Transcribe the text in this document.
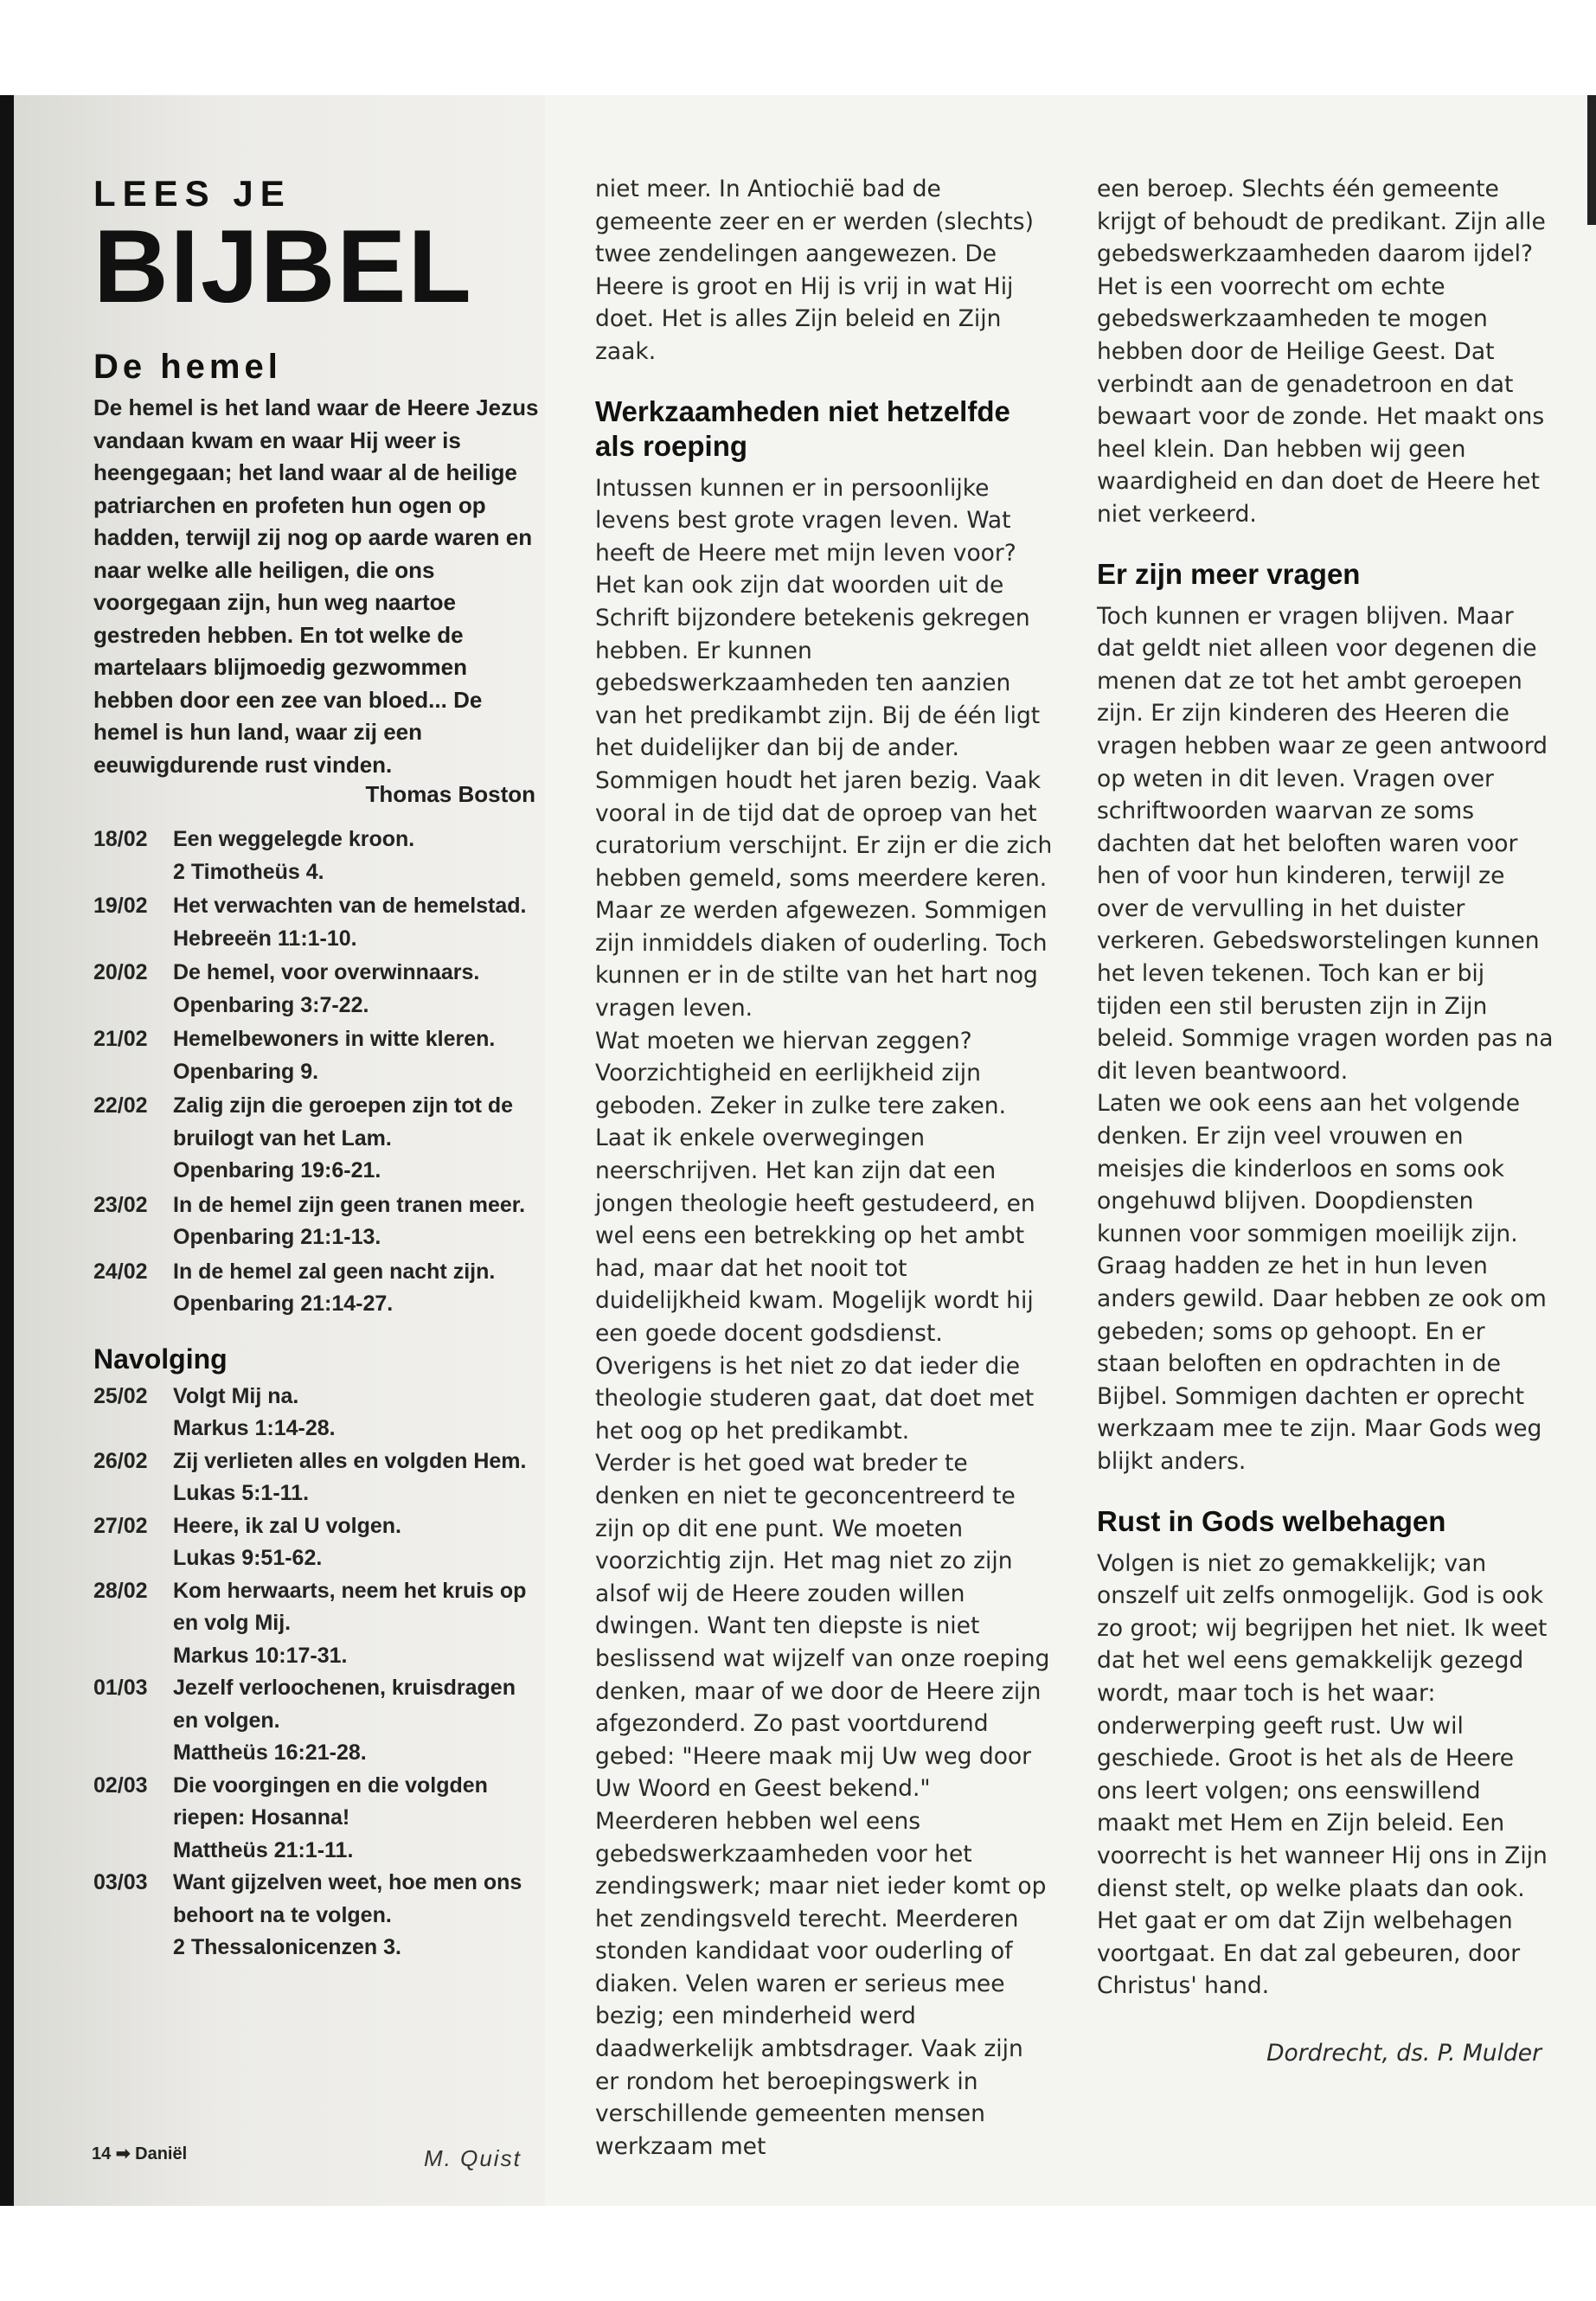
LEES JE

BIJBEL

De hemel

De hemel is het land waar de Heere Jezus vandaan kwam en waar Hij weer is heengegaan; het land waar al de heilige patriarchen en profeten hun ogen op hadden, terwijl zij nog op aarde waren en naar welke alle heiligen, die ons voorgegaan zijn, hun weg naartoe gestreden hebben. En tot welke de martelaars blijmoedig gezwommen hebben door een zee van bloed... De hemel is hun land, waar zij een eeuwigdurende rust vinden.

Thomas Boston

18/02	Een weggelegde kroon.
2 Timotheüs 4.
19/02	Het verwachten van de hemelstad.
Hebreeën 11:1-10.
20/02	De hemel, voor overwinnaars.
Openbaring 3:7-22.
21/02	Hemelbewoners in witte kleren.
Openbaring 9.
22/02	Zalig zijn die geroepen zijn tot de bruilogt van het Lam.
Openbaring 19:6-21.
23/02	In de hemel zijn geen tranen meer.
Openbaring 21:1-13.
24/02	In de hemel zal geen nacht zijn.
Openbaring 21:14-27.

Navolging

25/02	Volgt Mij na.
Markus 1:14-28.
26/02	Zij verlieten alles en volgden Hem.
Lukas 5:1-11.
27/02	Heere, ik zal U volgen.
Lukas 9:51-62.
28/02	Kom herwaarts, neem het kruis op en volg Mij.
Markus 10:17-31.
01/03	Jezelf verloochenen, kruisdragen en volgen.
Mattheüs 16:21-28.
02/03	Die voorgingen en die volgden riepen: Hosanna!
Mattheüs 21:1-11.
03/03	Want gijzelven weet, hoe men ons behoort na te volgen.
2 Thessalonicenzen 3.
M. Quist
14 ➡ Daniël

niet meer. In Antiochië bad de gemeente zeer en er werden (slechts) twee zendelingen aangewezen. De Heere is groot en Hij is vrij in wat Hij doet. Het is alles Zijn beleid en Zijn zaak.

Werkzaamheden niet hetzelfde als roeping

Intussen kunnen er in persoonlijke levens best grote vragen leven. Wat heeft de Heere met mijn leven voor? Het kan ook zijn dat woorden uit de Schrift bijzondere betekenis gekregen hebben. Er kunnen gebedswerkzaamheden ten aanzien van het predikambt zijn. Bij de één ligt het duidelijker dan bij de ander. Sommigen houdt het jaren bezig. Vaak vooral in de tijd dat de oproep van het curatorium verschijnt. Er zijn er die zich hebben gemeld, soms meerdere keren. Maar ze werden afgewezen. Sommigen zijn inmiddels diaken of ouderling. Toch kunnen er in de stilte van het hart nog vragen leven.

Wat moeten we hiervan zeggen? Voorzichtigheid en eerlijkheid zijn geboden. Zeker in zulke tere zaken. Laat ik enkele overwegingen neerschrijven. Het kan zijn dat een jongen theologie heeft gestudeerd, en wel eens een betrekking op het ambt had, maar dat het nooit tot duidelijkheid kwam. Mogelijk wordt hij een goede docent godsdienst. Overigens is het niet zo dat ieder die theologie studeren gaat, dat doet met het oog op het predikambt.

Verder is het goed wat breder te denken en niet te geconcentreerd te zijn op dit ene punt. We moeten voorzichtig zijn. Het mag niet zo zijn alsof wij de Heere zouden willen dwingen. Want ten diepste is niet beslissend wat wijzelf van onze roeping denken, maar of we door de Heere zijn afgezonderd. Zo past voortdurend gebed: "Heere maak mij Uw weg door Uw Woord en Geest bekend."

Meerderen hebben wel eens gebedswerkzaamheden voor het zendingswerk; maar niet ieder komt op het zendingsveld terecht. Meerderen stonden kandidaat voor ouderling of diaken. Velen waren er serieus mee bezig; een minderheid werd daadwerkelijk ambtsdrager. Vaak zijn er rondom het beroepingswerk in verschillende gemeenten mensen werkzaam met

een beroep. Slechts één gemeente krijgt of behoudt de predikant. Zijn alle gebedswerkzaamheden daarom ijdel? Het is een voorrecht om echte gebedswerkzaamheden te mogen hebben door de Heilige Geest. Dat verbindt aan de genadetroon en dat bewaart voor de zonde. Het maakt ons heel klein. Dan hebben wij geen waardigheid en dan doet de Heere het niet verkeerd.

Er zijn meer vragen

Toch kunnen er vragen blijven. Maar dat geldt niet alleen voor degenen die menen dat ze tot het ambt geroepen zijn. Er zijn kinderen des Heeren die vragen hebben waar ze geen antwoord op weten in dit leven. Vragen over schriftwoorden waarvan ze soms dachten dat het beloften waren voor hen of voor hun kinderen, terwijl ze over de vervulling in het duister verkeren. Gebedsworstelingen kunnen het leven tekenen. Toch kan er bij tijden een stil berusten zijn in Zijn beleid. Sommige vragen worden pas na dit leven beantwoord.

Laten we ook eens aan het volgende denken. Er zijn veel vrouwen en meisjes die kinderloos en soms ook ongehuwd blijven. Doopdiensten kunnen voor sommigen moeilijk zijn. Graag hadden ze het in hun leven anders gewild. Daar hebben ze ook om gebeden; soms op gehoopt. En er staan beloften en opdrachten in de Bijbel. Sommigen dachten er oprecht werkzaam mee te zijn. Maar Gods weg blijkt anders.

Rust in Gods welbehagen

Volgen is niet zo gemakkelijk; van onszelf uit zelfs onmogelijk. God is ook zo groot; wij begrijpen het niet. Ik weet dat het wel eens gemakkelijk gezegd wordt, maar toch is het waar: onderwerping geeft rust. Uw wil geschiede. Groot is het als de Heere ons leert volgen; ons eenswillend maakt met Hem en Zijn beleid. Een voorrecht is het wanneer Hij ons in Zijn dienst stelt, op welke plaats dan ook. Het gaat er om dat Zijn welbehagen voortgaat. En dat zal gebeuren, door Christus' hand.

Dordrecht, ds. P. Mulder
